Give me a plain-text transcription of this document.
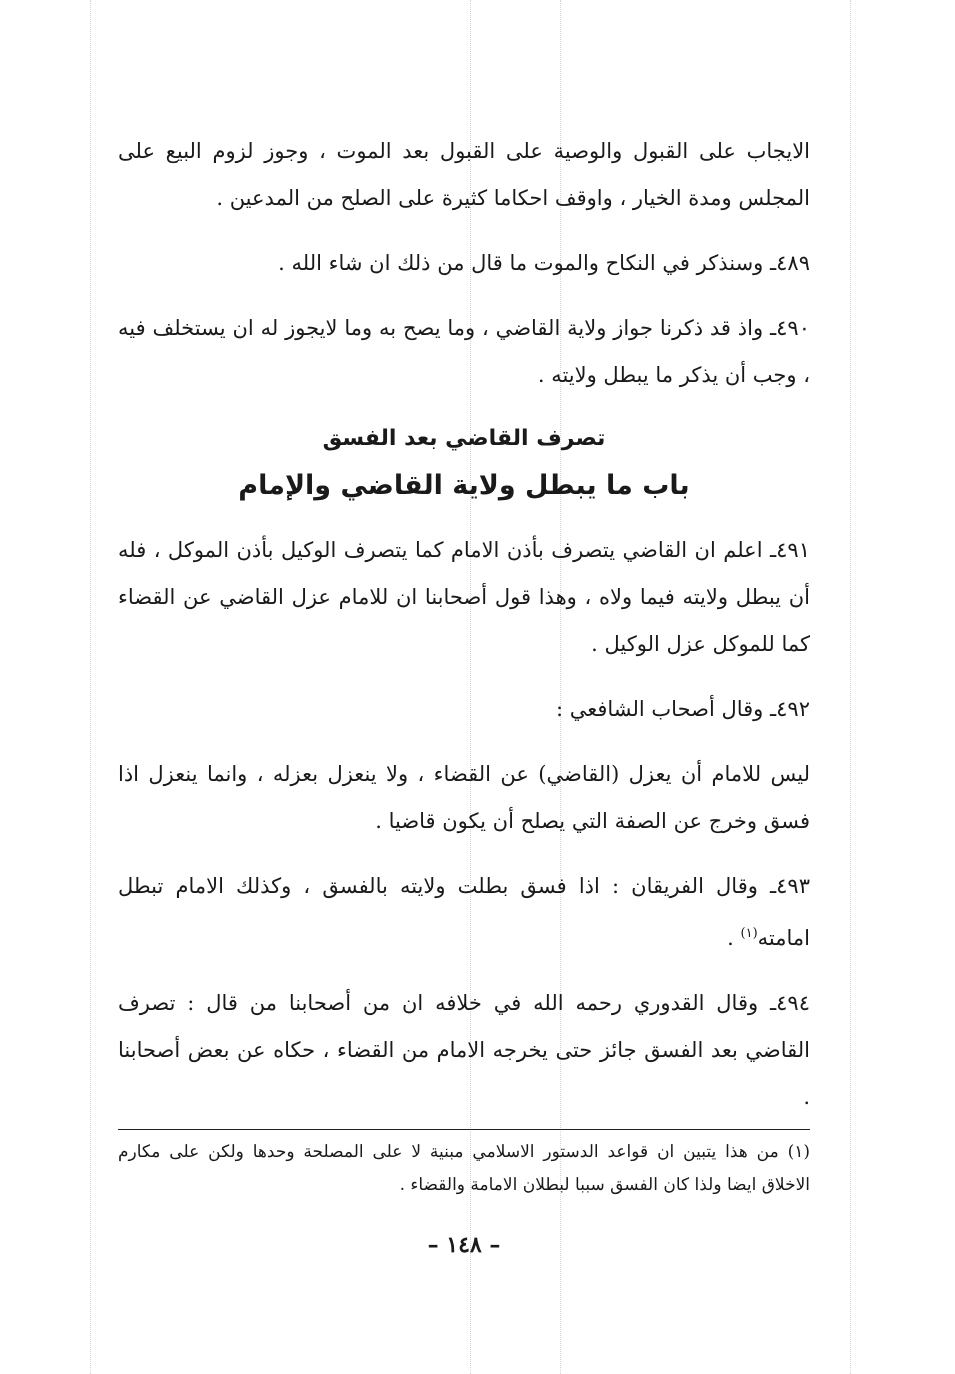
الايجاب على القبول والوصية على القبول بعد الموت ، وجوز لزوم البيع على المجلس ومدة الخيار ، واوقف احكاما كثيرة على الصلح من المدعين .

٤٨٩ـ وسنذكر في النكاح والموت ما قال من ذلك ان شاء الله .

٤٩٠ـ واذ قد ذكرنا جواز ولاية القاضي ، وما يصح به وما لايجوز له ان يستخلف فيه ، وجب أن يذكر ما يبطل ولايته .

تصرف القاضي بعد الفسق
باب ما يبطل ولاية القاضي والإمام

٤٩١ـ اعلم ان القاضي يتصرف بأذن الامام كما يتصرف الوكيل بأذن الموكل ، فله أن يبطل ولايته فيما ولاه ، وهذا قول أصحابنا ان للامام عزل القاضي عن القضاء كما للموكل عزل الوكيل .

٤٩٢ـ وقال أصحاب الشافعي :

ليس للامام أن يعزل (القاضي) عن القضاء ، ولا ينعزل بعزله ، وانما ينعزل اذا فسق وخرج عن الصفة التي يصلح أن يكون قاضيا .

٤٩٣ـ وقال الفريقان : اذا فسق بطلت ولايته بالفسق ، وكذلك الامام تبطل امامته$^{(١)}$ .

٤٩٤ـ وقال القدوري رحمه الله في خلافه ان من أصحابنا من قال : تصرف القاضي بعد الفسق جائز حتى يخرجه الامام من القضاء ، حكاه عن بعض أصحابنا .

(١) من هذا يتبين ان قواعد الدستور الاسلامي مبنية لا على المصلحة وحدها ولكن على مكارم الاخلاق ايضا ولذا كان الفسق سببا لبطلان الامامة والقضاء .

– ١٤٨ –
